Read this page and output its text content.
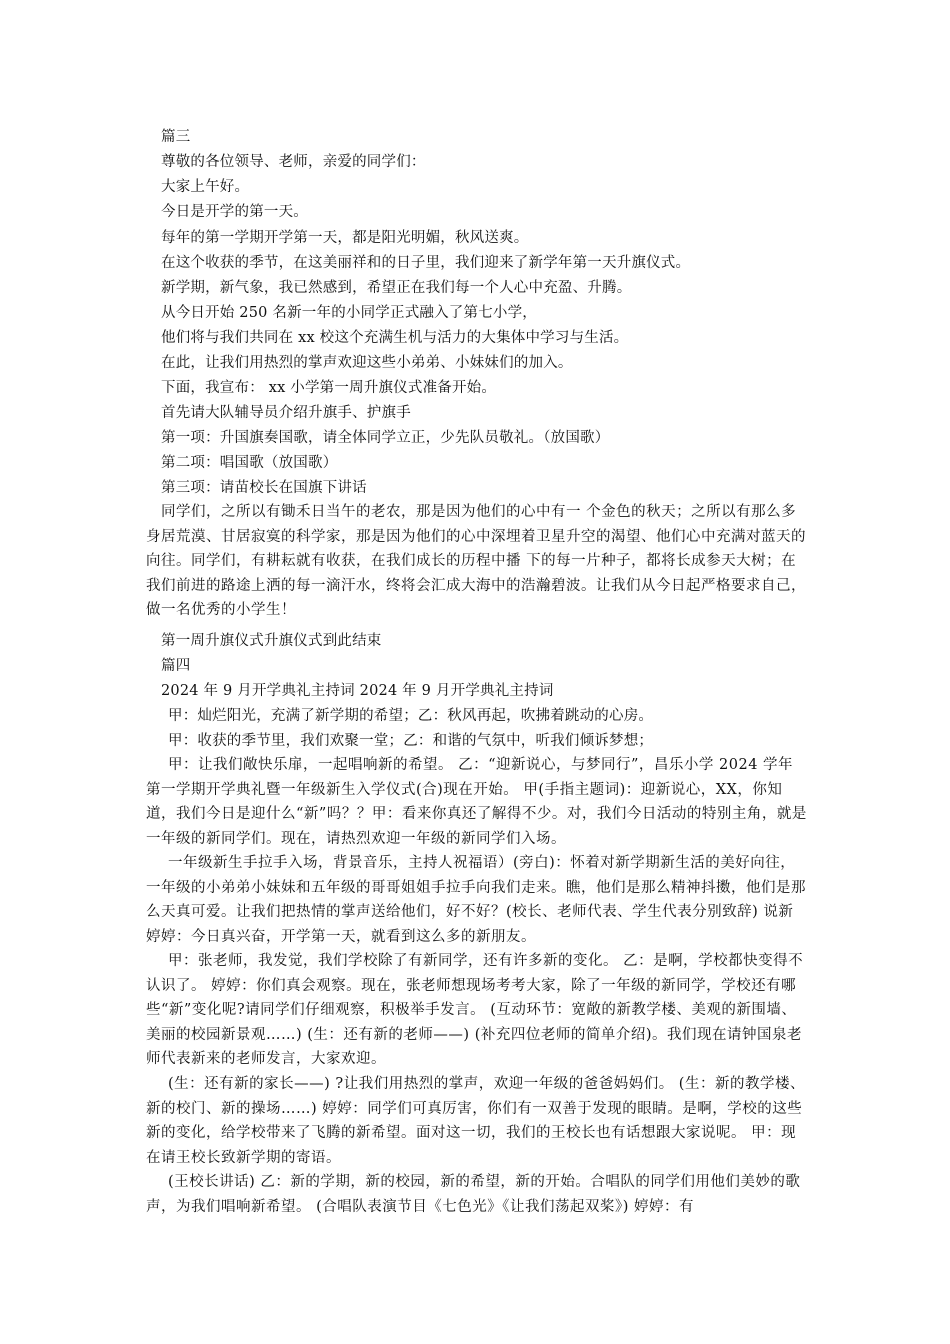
篇三
尊敬的各位领导、老师，亲爱的同学们：
大家上午好。
今日是开学的第一天。
每年的第一学期开学第一天，都是阳光明媚，秋风送爽。
在这个收获的季节，在这美丽祥和的日子里，我们迎来了新学年第一天升旗仪式。
新学期，新气象，我已然感到，希望正在我们每一个人心中充盈、升腾。
从今日开始 250 名新一年的小同学正式融入了第七小学，
他们将与我们共同在 xx 校这个充满生机与活力的大集体中学习与生活。
在此，让我们用热烈的掌声欢迎这些小弟弟、小妹妹们的加入。
下面，我宣布： xx 小学第一周升旗仪式准备开始。
首先请大队辅导员介绍升旗手、护旗手
第一项：升国旗奏国歌，请全体同学立正，少先队员敬礼。（放国歌）
第二项：唱国歌（放国歌）
第三项：请苗校长在国旗下讲话
同学们，之所以有锄禾日当午的老农，那是因为他们的心中有一 个金色的秋天；之所以有那么多身居荒漠、甘居寂寞的科学家，那是因为他们的心中深埋着卫星升空的渴望、他们心中充满对蓝天的向往。同学们，有耕耘就有收获，在我们成长的历程中播 下的每一片种子，都将长成参天大树；在我们前进的路途上洒的每一滴汗水，终将会汇成大海中的浩瀚碧波。让我们从今日起严格要求自己，做一名优秀的小学生！
第一周升旗仪式升旗仪式到此结束
篇四
2024 年 9 月开学典礼主持词 2024 年 9 月开学典礼主持词
甲：灿烂阳光，充满了新学期的希望；乙：秋风再起，吹拂着跳动的心房。
甲：收获的季节里，我们欢聚一堂；乙：和谐的气氛中，听我们倾诉梦想；
甲：让我们敞快乐扉，一起唱响新的希望。 乙：“迎新说心，与梦同行”，昌乐小学 2024 学年第一学期开学典礼暨一年级新生入学仪式(合)现在开始。 甲(手指主题词)：迎新说心，XX，你知道，我们今日是迎什么“新”吗？？甲：看来你真还了解得不少。对，我们今日活动的特别主角，就是一年级的新同学们。现在，请热烈欢迎一年级的新同学们入场。
一年级新生手拉手入场，背景音乐，主持人祝福语）(旁白)：怀着对新学期新生活的美好向往，一年级的小弟弟小妹妹和五年级的哥哥姐姐手拉手向我们走来。瞧，他们是那么精神抖擞，他们是那么天真可爱。让我们把热情的掌声送给他们，好不好？(校长、老师代表、学生代表分别致辞) 说新 婷婷：今日真兴奋，开学第一天，就看到这么多的新朋友。
甲：张老师，我发觉，我们学校除了有新同学，还有许多新的变化。 乙：是啊，学校都快变得不认识了。 婷婷：你们真会观察。现在，张老师想现场考考大家，除了一年级的新同学，学校还有哪些“新”变化呢?请同学们仔细观察，积极举手发言。 (互动环节：宽敞的新教学楼、美观的新围墙、美丽的校园新景观……) (生：还有新的老师——) (补充四位老师的简单介绍)。我们现在请钟国泉老师代表新来的老师发言，大家欢迎。
(生：还有新的家长——) ?让我们用热烈的掌声，欢迎一年级的爸爸妈妈们。 (生：新的教学楼、新的校门、新的操场……) 婷婷：同学们可真厉害，你们有一双善于发现的眼睛。是啊，学校的这些新的变化，给学校带来了飞腾的新希望。面对这一切，我们的王校长也有话想跟大家说呢。 甲：现在请王校长致新学期的寄语。
(王校长讲话) 乙：新的学期，新的校园，新的希望，新的开始。合唱队的同学们用他们美妙的歌声，为我们唱响新希望。 (合唱队表演节目《七色光》《让我们荡起双桨》) 婷婷：有
